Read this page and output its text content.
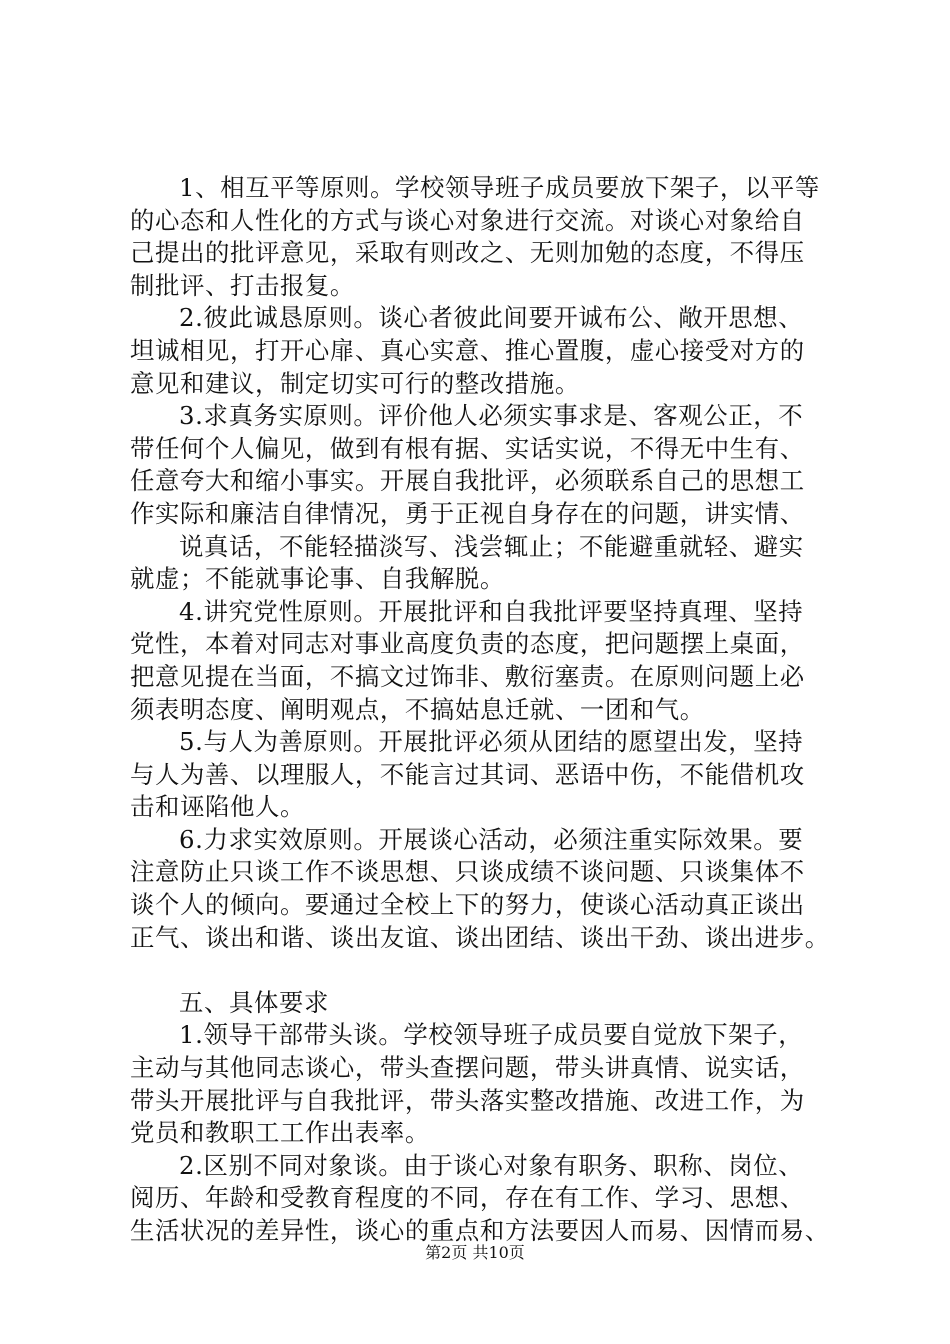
1、相互平等原则。学校领导班子成员要放下架子，以平等
的心态和人性化的方式与谈心对象进行交流。对谈心对象给自
己提出的批评意见，采取有则改之、无则加勉的态度，不得压
制批评、打击报复。
2.彼此诚恳原则。谈心者彼此间要开诚布公、敞开思想、
坦诚相见，打开心扉、真心实意、推心置腹，虚心接受对方的
意见和建议，制定切实可行的整改措施。
3.求真务实原则。评价他人必须实事求是、客观公正，不
带任何个人偏见，做到有根有据、实话实说，不得无中生有、
任意夸大和缩小事实。开展自我批评，必须联系自己的思想工
作实际和廉洁自律情况，勇于正视自身存在的问题，讲实情、
说真话，不能轻描淡写、浅尝辄止；不能避重就轻、避实
就虚；不能就事论事、自我解脱。
4.讲究党性原则。开展批评和自我批评要坚持真理、坚持
党性，本着对同志对事业高度负责的态度，把问题摆上桌面，
把意见提在当面，不搞文过饰非、敷衍塞责。在原则问题上必
须表明态度、阐明观点，不搞姑息迁就、一团和气。
5.与人为善原则。开展批评必须从团结的愿望出发，坚持
与人为善、以理服人，不能言过其词、恶语中伤，不能借机攻
击和诬陷他人。
6.力求实效原则。开展谈心活动，必须注重实际效果。要
注意防止只谈工作不谈思想、只谈成绩不谈问题、只谈集体不
谈个人的倾向。要通过全校上下的努力，使谈心活动真正谈出
正气、谈出和谐、谈出友谊、谈出团结、谈出干劲、谈出进步。
五、具体要求
1.领导干部带头谈。学校领导班子成员要自觉放下架子，
主动与其他同志谈心，带头查摆问题，带头讲真情、说实话，
带头开展批评与自我批评，带头落实整改措施、改进工作，为
党员和教职工工作出表率。
2.区别不同对象谈。由于谈心对象有职务、职称、岗位、
阅历、年龄和受教育程度的不同，存在有工作、学习、思想、
生活状况的差异性，谈心的重点和方法要因人而易、因情而易、
第2页 共10页
